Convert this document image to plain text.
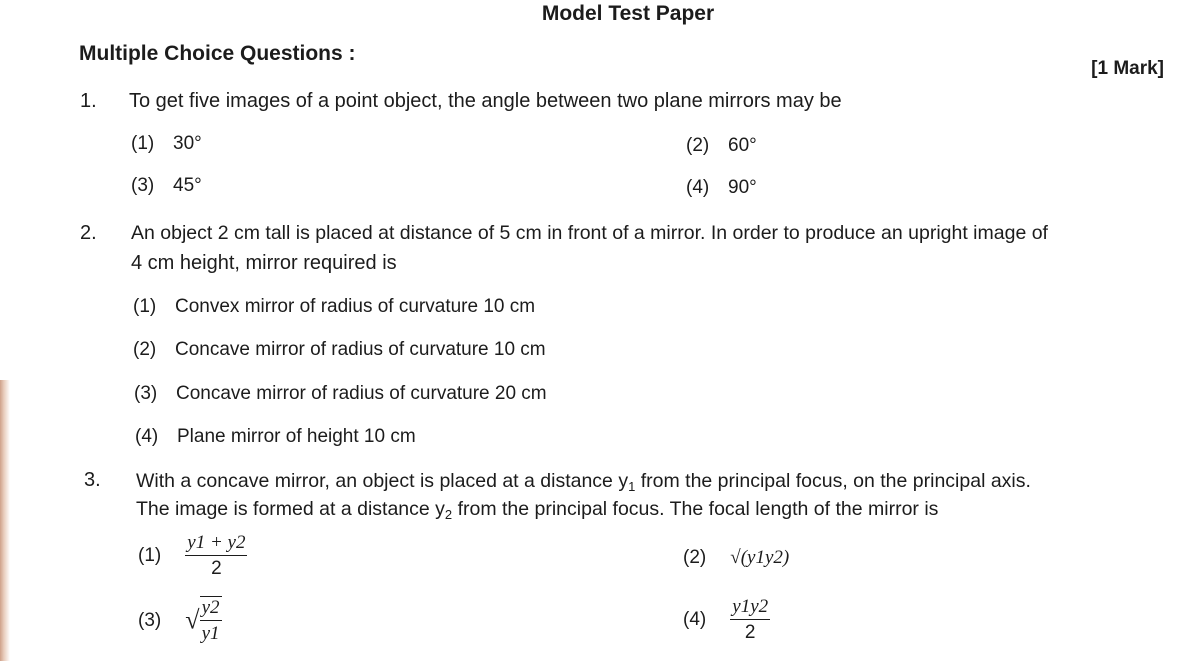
Model Test Paper
Multiple Choice Questions :
[1 Mark]
1. To get five images of a point object, the angle between two plane mirrors may be
(1) 30°	(2) 60°
(3) 45°	(4) 90°
2. An object 2 cm tall is placed at distance of 5 cm in front of a mirror. In order to produce an upright image of
4 cm height, mirror required is
(1) Convex mirror of radius of curvature 10 cm
(2) Concave mirror of radius of curvature 10 cm
(3) Concave mirror of radius of curvature 20 cm
(4) Plane mirror of height 10 cm
3. With a concave mirror, an object is placed at a distance $y_1$ from the principal focus, on the principal axis.
The image is formed at a distance $y_2$ from the principal focus. The focal length of the mirror is
$(1) \frac{y1 + y2}{2}$	(2) √(y1y2)
(3) √ $\frac{y2}{y1}$	$(4) \frac{y1y2}{2}$
